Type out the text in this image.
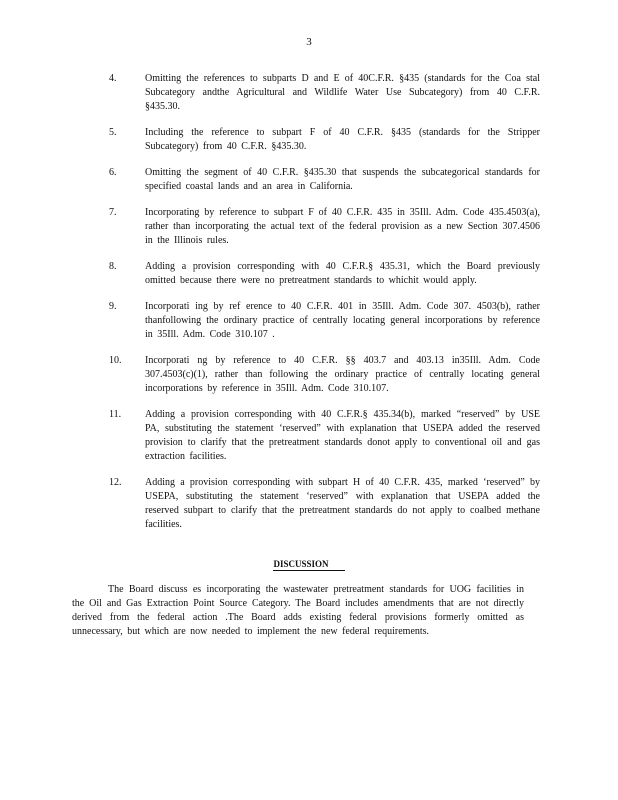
3
4.	Omitting the references to subparts D and E of 40C.F.R. §435 (standards for the Coa stal Subcategory andthe Agricultural and Wildlife Water Use Subcategory) from 40 C.F.R. §435.30.
5.	Including the reference to subpart F of 40 C.F.R. §435 (standards for the Stripper Subcategory) from 40 C.F.R. §435.30.
6.	Omitting the segment of 40 C.F.R. §435.30 that suspends the subcategorical standards for specified coastal lands and an area in California.
7.	Incorporating by reference to subpart F of 40 C.F.R. 435 in 35Ill. Adm. Code 435.4503(a), rather than incorporating the actual text of the federal provision as a new Section 307.4506 in the Illinois rules.
8.	Adding a provision corresponding with 40 C.F.R.§ 435.31, which the Board previously omitted because there were no pretreatment standards to whichit would apply.
9.	Incorporati ing by ref erence to 40 C.F.R. 401 in 35Ill. Adm. Code 307. 4503(b), rather thanfollowing the ordinary practice of centrally locating general incorporations by reference in 35Ill. Adm. Code 310.107 .
10. Incorporati ng by reference to 40 C.F.R. §§ 403.7 and 403.13 in35Ill. Adm. Code 307.4503(c)(1), rather than following the ordinary practice of centrally locating general incorporations by reference in 35Ill. Adm. Code 310.107.
11. Adding a provision corresponding with 40 C.F.R.§ 435.34(b), marked “reserved” by USE PA, substituting the statement ‘reserved” with explanation that USEPA added the reserved provision to clarify that the pretreatment standards donot apply to conventional oil and gas extraction facilities.
12. Adding a provision corresponding with subpart H of 40 C.F.R. 435, marked ‘reserved” by USEPA, substituting the statement ‘reserved” with explanation that USEPA added the reserved subpart to clarify that the pretreatment standards do not apply to coalbed methane facilities.
DISCUSSION
The Board discuss es incorporating the wastewater pretreatment standards for UOG facilities in the Oil and Gas Extraction Point Source Category. The Board includes amendments that are not directly derived from the federal action .The Board adds existing federal provisions formerly omitted as unnecessary, but which are now needed to implement the new federal requirements.
